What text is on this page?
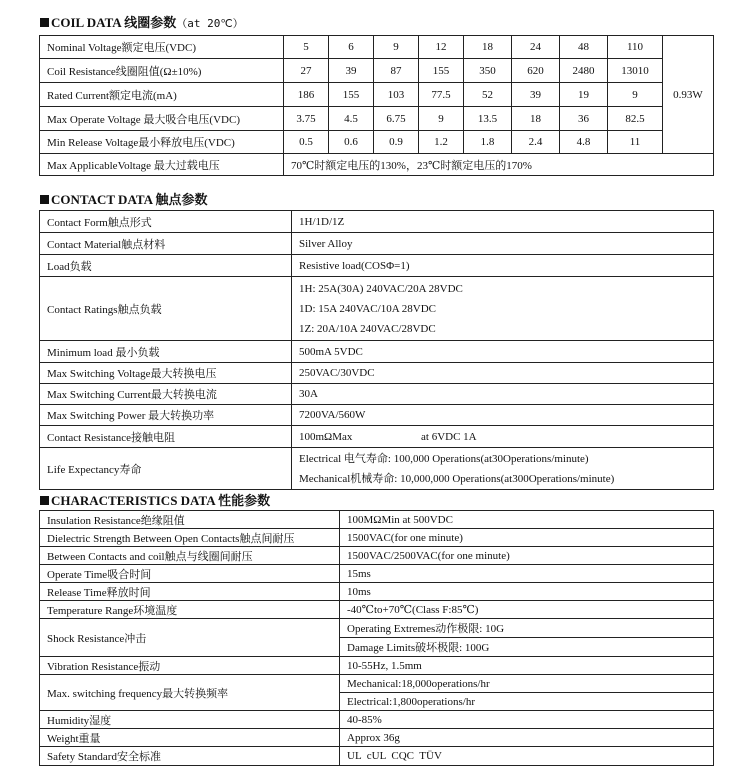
COIL DATA 线圈参数（at 20℃）
Nominal Voltage额定电压(VDC)	5	6	9	12	18	24	48	110	0.93W
Coil Resistance线圈阻值(Ω±10%)	27	39	87	155	350	620	2480	13010	
Rated Current额定电流(mA)	186	155	103	77.5	52	39	19	9	
Max Operate Voltage 最大吸合电压(VDC)	3.75	4.5	6.75	9	13.5	18	36	82.5	
Min Release Voltage最小释放电压(VDC)	0.5	0.6	0.9	1.2	1.8	2.4	4.8	11	
Max ApplicableVoltage 最大过载电压	70℃时额定电压的130%，23℃时额定电压的170%								
CONTACT DATA 触点参数
Contact Form触点形式	1H/1D/1Z
Contact Material触点材料	Silver Alloy
Load负载	Resistive load(COSΦ=1)
Contact Ratings触点负载	1H: 25A(30A) 240VAC/20A 28VDC
1D: 15A 240VAC/10A 28VDC
1Z: 20A/10A 240VAC/28VDC

Minimum load 最小负载	500mA 5VDC
Max Switching Voltage最大转换电压	250VAC/30VDC
Max Switching Current最大转换电流	30A
Max Switching Power 最大转换功率	7200VA/560W
Contact Resistance接触电阻	100mΩMax at 6VDC 1A
Life Expectancy寿命	Electrical 电气寿命: 100,000 Operations(at30Operations/minute)
Mechanical机械寿命: 10,000,000 Operations(at300Operations/minute)
CHARACTERISTICS DATA 性能参数
Insulation Resistance绝缘阻值	100MΩMin at 500VDC
Dielectric Strength Between Open Contacts触点间耐压	1500VAC(for one minute)
Between Contacts and coil触点与线圈间耐压	1500VAC/2500VAC(for one minute)
Operate Time吸合时间	15ms
Release Time释放时间	10ms
Temperature Range环境温度	-40℃to+70℃(Class F:85℃)
Shock Resistance冲击	Operating Extremes动作极限: 10G
	Damage Limits破坏极限: 100G
Vibration Resistance振动	10-55Hz, 1.5mm
Max. switching frequency最大转换频率	Mechanical:18,000operations/hr
	Electrical:1,800operations/hr
Humidity湿度	40-85%
Weight重量	Approx 36g
Safety Standard安全标准	UL  cUL  CQC  TÜV
